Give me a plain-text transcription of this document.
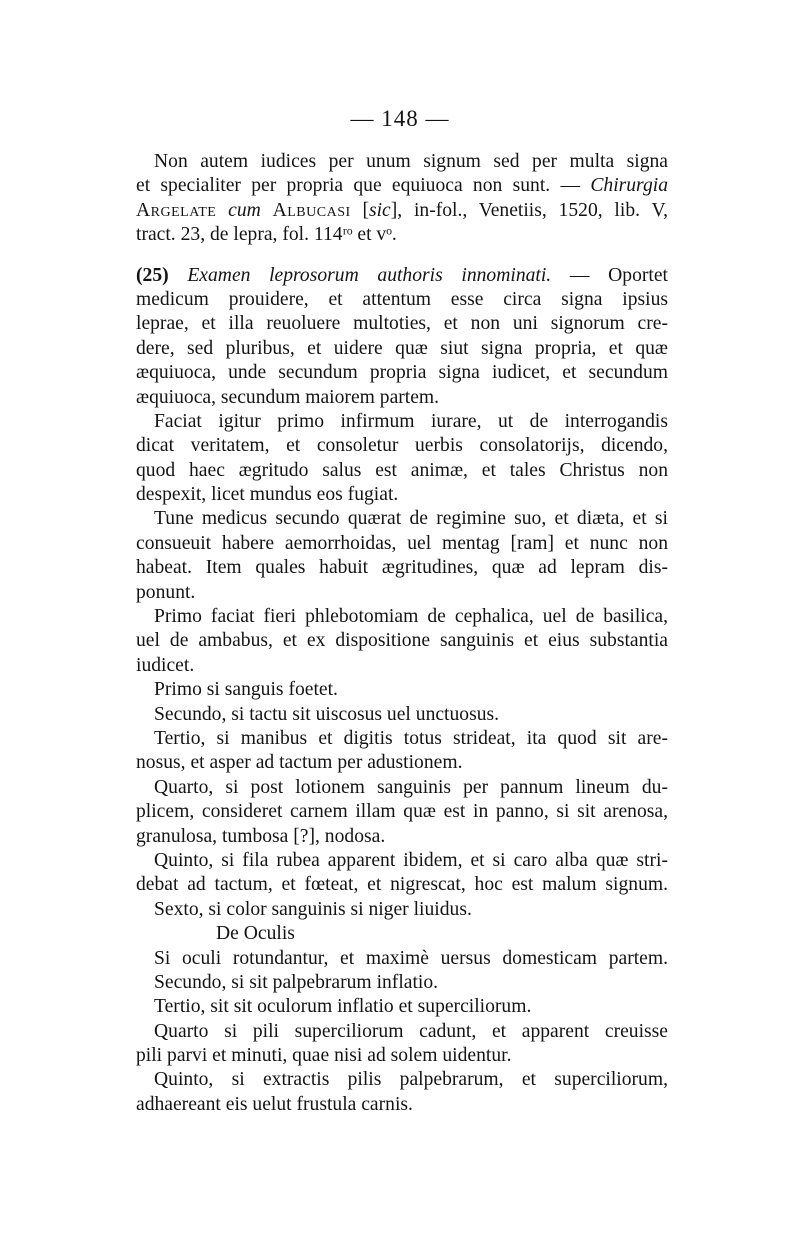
— 148 —
Non autem iudices per unum signum sed per multa signa
et specialiter per propria que equiuoca non sunt. — Chirurgia
Argelate cum Albucasi [sic], in-fol., Venetiis, 1520, lib. V,
tract. 23, de lepra, fol. 114ʳᵒ et vᵒ.
(25) Examen leprosorum authoris innominati. — Oportet
medicum prouidere, et attentum esse circa signa ipsius
leprae, et illa reuoluere multoties, et non uni signorum cre-
dere, sed pluribus, et uidere quæ siut signa propria, et quæ
æquiuoca, unde secundum propria signa iudicet, et secundum
æquiuoca, secundum maiorem partem.
Faciat igitur primo infirmum iurare, ut de interrogandis
dicat veritatem, et consoletur uerbis consolatorijs, dicendo,
quod haec ægritudo salus est animæ, et tales Christus non
despexit, licet mundus eos fugiat.
Tune medicus secundo quærat de regimine suo, et diæta, et si
consueuit habere aemorrhoidas, uel mentag [ram] et nunc non
habeat. Item quales habuit ægritudines, quæ ad lepram dis-
ponunt.
Primo faciat fieri phlebotomiam de cephalica, uel de basilica,
uel de ambabus, et ex dispositione sanguinis et eius substantia
iudicet.
Primo si sanguis foetet.
Secundo, si tactu sit uiscosus uel unctuosus.
Tertio, si manibus et digitis totus strideat, ita quod sit are-
nosus, et asper ad tactum per adustionem.
Quarto, si post lotionem sanguinis per pannum lineum du-
plicem, consideret carnem illam quæ est in panno, si sit arenosa,
granulosa, tumbosa [?], nodosa.
Quinto, si fila rubea apparent ibidem, et si caro alba quæ stri-
debat ad tactum, et fœteat, et nigrescat, hoc est malum signum.
Sexto, si color sanguinis si niger liuidus.
De Oculis
Si oculi rotundantur, et maximè uersus domesticam partem.
Secundo, si sit palpebrarum inflatio.
Tertio, sit sit oculorum inflatio et superciliorum.
Quarto si pili superciliorum cadunt, et apparent creuisse
pili parvi et minuti, quae nisi ad solem uidentur.
Quinto, si extractis pilis palpebrarum, et superciliorum,
adhaereant eis uelut frustula carnis.
